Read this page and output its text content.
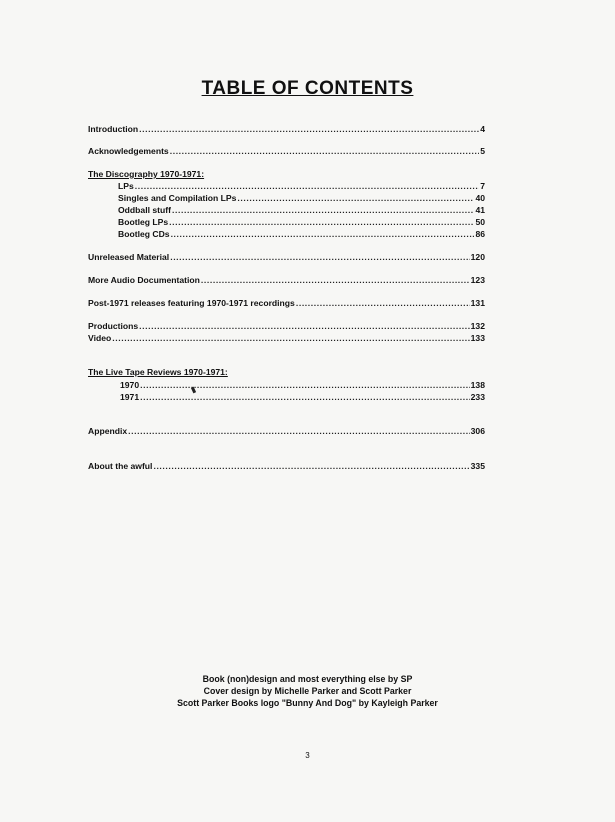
TABLE OF CONTENTS
Introduction .....	4
Acknowledgements .....	5
The Discography 1970-1971:
LPs .....	7
Singles and Compilation LPs .....	40
Oddball stuff .....	41
Bootleg LPs .....	50
Bootleg CDs .....	86
Unreleased Material .....	120
More Audio Documentation .....	123
Post-1971 releases featuring 1970-1971 recordings .....	131
Productions .....	132
Video .....	133
The Live Tape Reviews 1970-1971:
1970 .....	138
1971 .....	233
Appendix .....	306
About the awful .....	335
Book (non)design and most everything else by SP
Cover design by Michelle Parker and Scott Parker
Scott Parker Books logo "Bunny And Dog" by Kayleigh Parker
3
